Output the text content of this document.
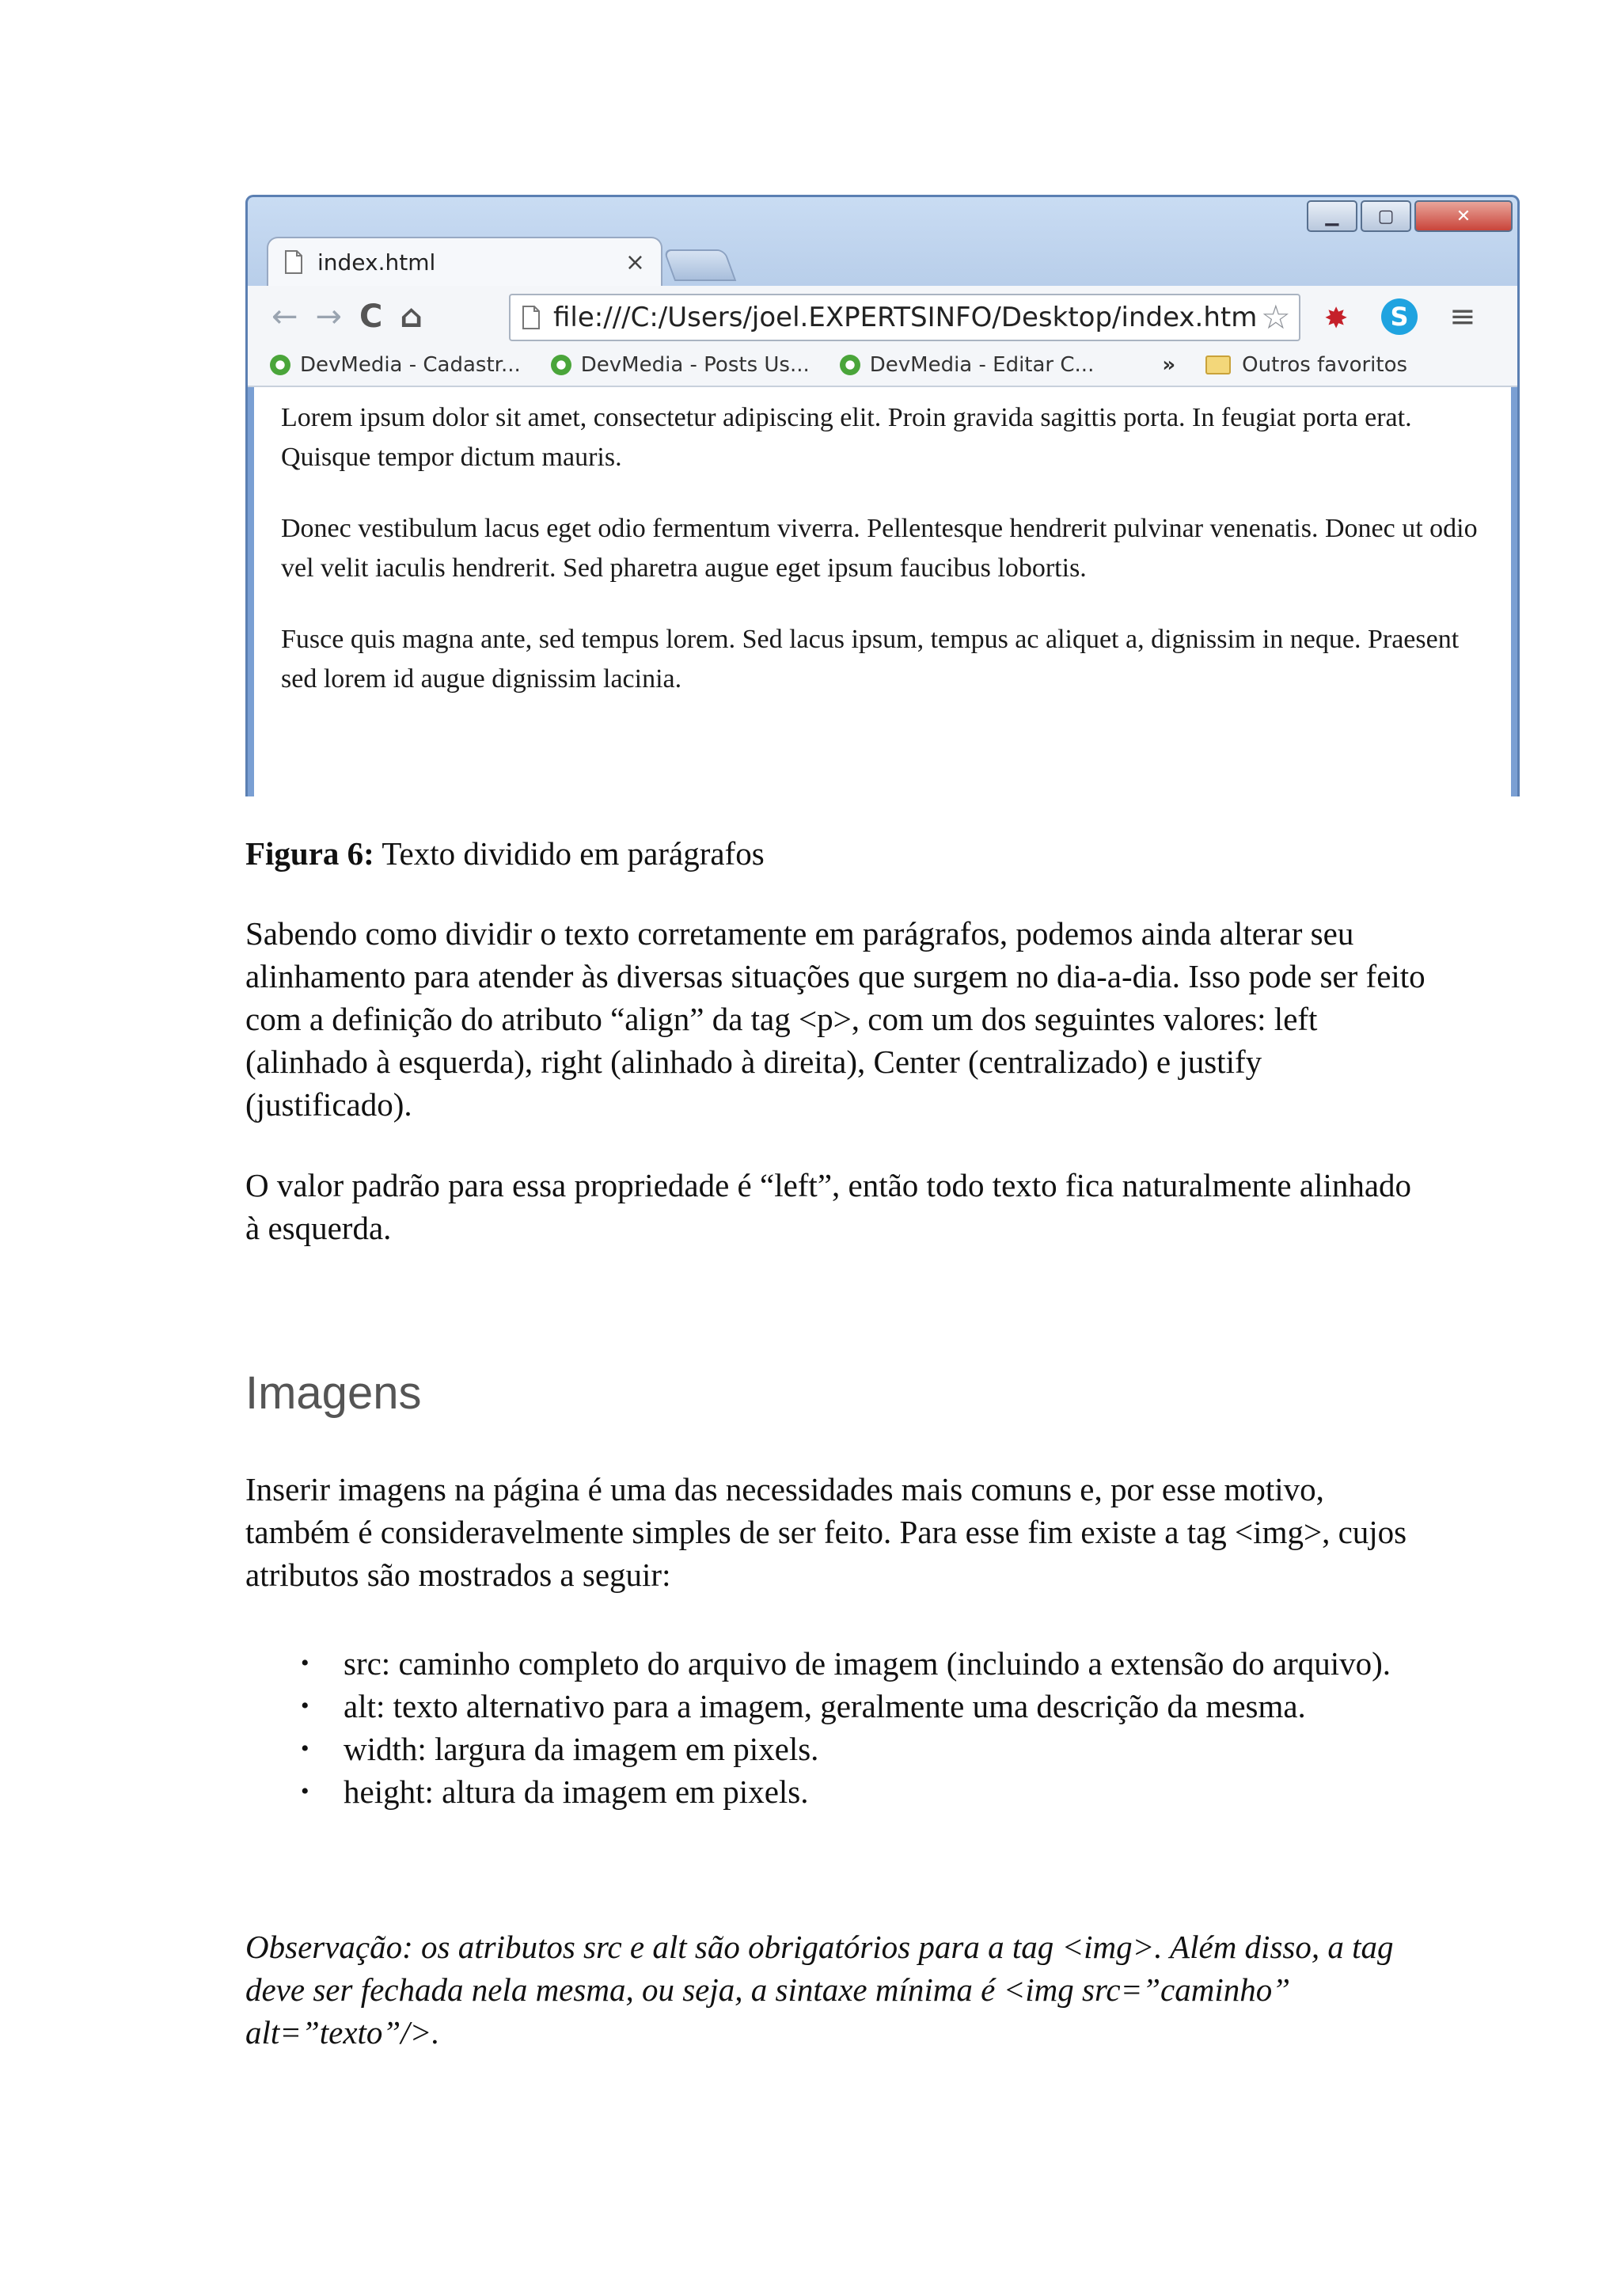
▁	▢	✕
index.html	×
← → C ⌂	file:///C:/Users/joel.EXPERTSINFO/Desktop/index.htm ☆ ✸	S ≡
DevMedia - Cadastr...	DevMedia - Posts Us...	DevMedia - Editar C...	»	Outros favoritos

Lorem ipsum dolor sit amet, consectetur adipiscing elit. Proin gravida sagittis porta. In feugiat porta erat. Quisque tempor dictum mauris.

Donec vestibulum lacus eget odio fermentum viverra. Pellentesque hendrerit pulvinar venenatis. Donec ut odio vel velit iaculis hendrerit. Sed pharetra augue eget ipsum faucibus lobortis.

Fusce quis magna ante, sed tempus lorem. Sed lacus ipsum, tempus ac aliquet a, dignissim in neque. Praesent sed lorem id augue dignissim lacinia.

Figura 6: Texto dividido em parágrafos

Sabendo como dividir o texto corretamente em parágrafos, podemos ainda alterar seu alinhamento para atender às diversas situações que surgem no dia-a-dia. Isso pode ser feito com a definição do atributo “align” da tag <p>, com um dos seguintes valores: left (alinhado à esquerda), right (alinhado à direita), Center (centralizado) e justify (justificado).

O valor padrão para essa propriedade é “left”, então todo texto fica naturalmente alinhado à esquerda.

Imagens

Inserir imagens na página é uma das necessidades mais comuns e, por esse motivo, também é consideravelmente simples de ser feito. Para esse fim existe a tag <img>, cujos atributos são mostrados a seguir:

• src: caminho completo do arquivo de imagem (incluindo a extensão do arquivo).
• alt: texto alternativo para a imagem, geralmente uma descrição da mesma.
• width: largura da imagem em pixels.
• height: altura da imagem em pixels.

Observação: os atributos src e alt são obrigatórios para a tag <img>. Além disso, a tag deve ser fechada nela mesma, ou seja, a sintaxe mínima é <img src=”caminho” alt=”texto”/>.
